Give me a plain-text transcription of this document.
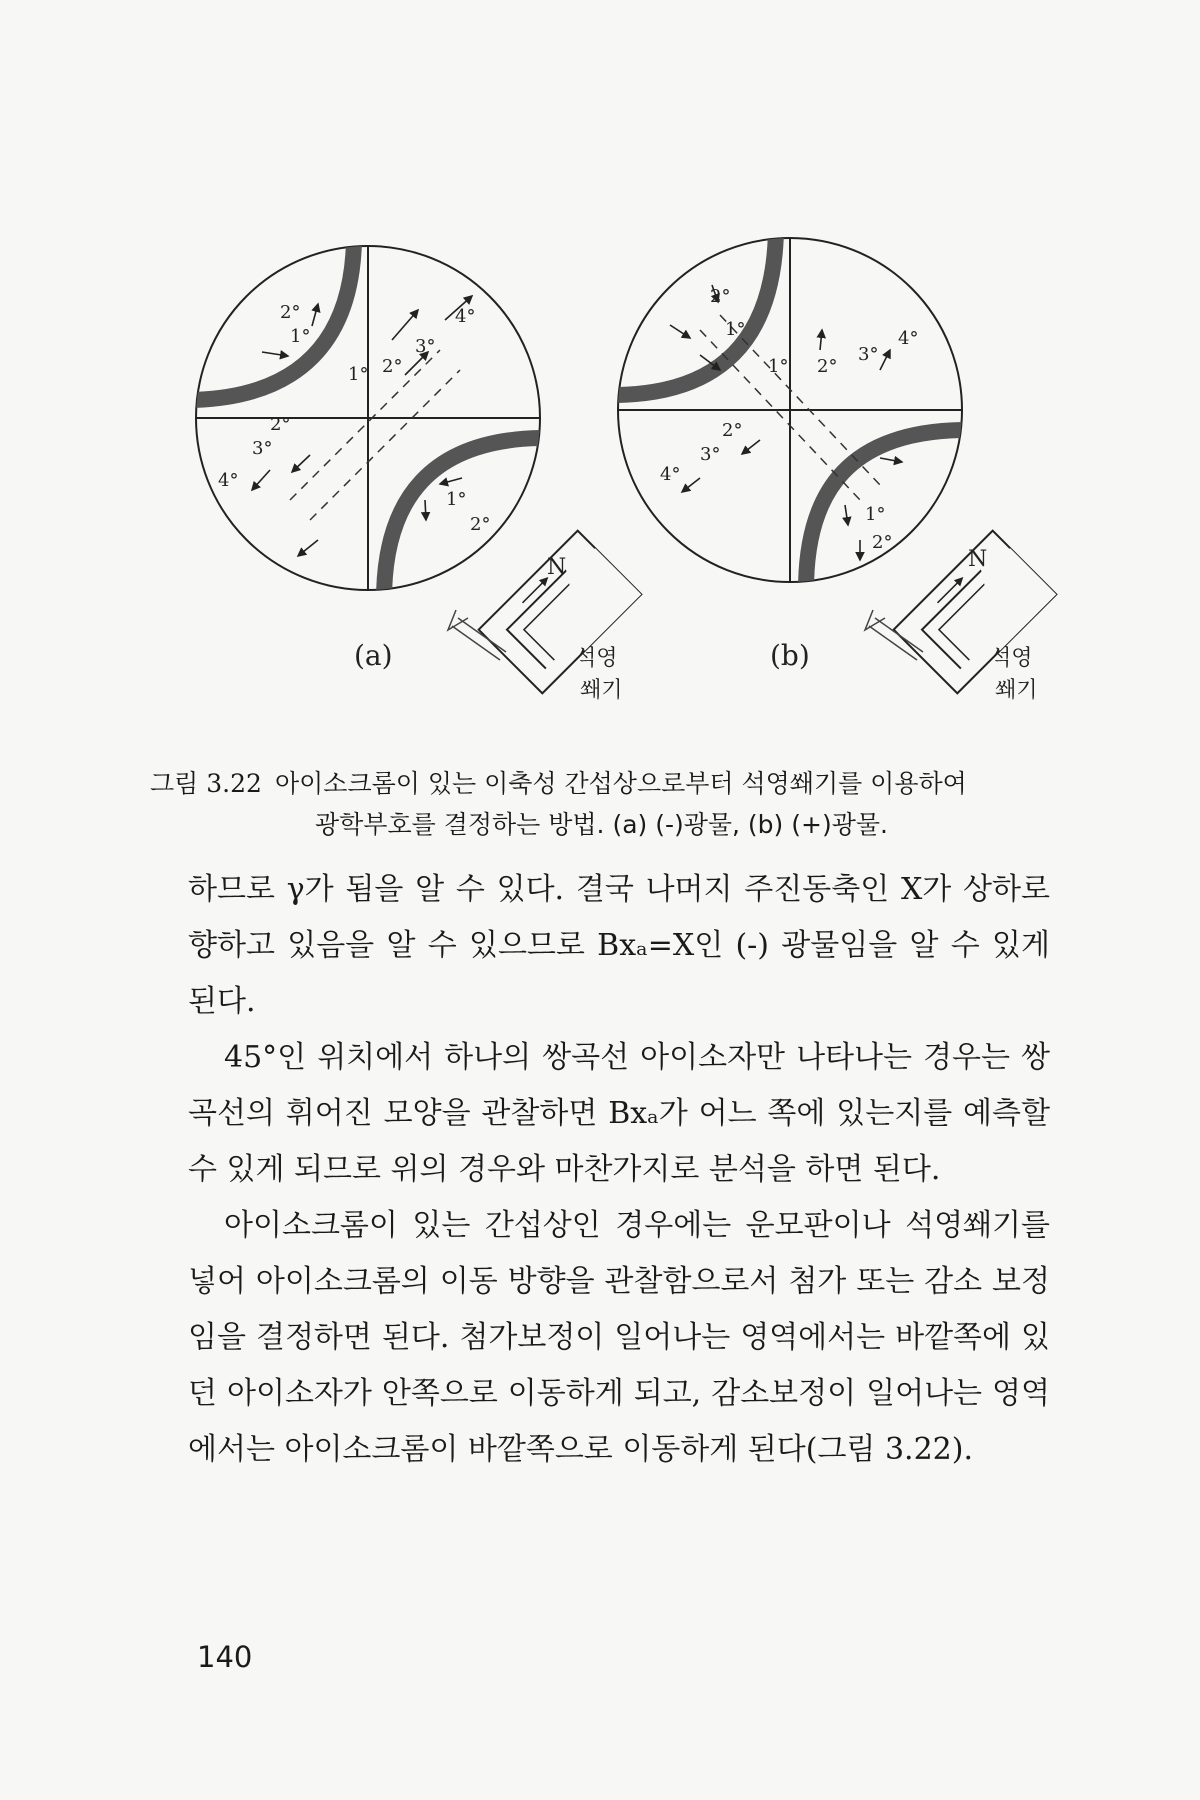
2°
1°
1° 2°
3°
4°
2°
3°
4°
1°
2°
N
(a)	석영
쐐기
2°
1°
1° 2°
3°
4°
2°
3°
4°
1°
2°
N
(b)	석영
쐐기
그림 3.22 아이소크롬이 있는 이축성 간섭상으로부터 석영쐐기를 이용하여
광학부호를 결정하는 방법. (a) (-)광물, (b) (+)광물.

하므로 γ가 됨을 알 수 있다. 결국 나머지 주진동축인 X가 상하로 향하고 있음을 알 수 있으므로 Bxₐ=X인 (-) 광물임을 알 수 있게 된다.

45°인 위치에서 하나의 쌍곡선 아이소자만 나타나는 경우는 쌍곡선의 휘어진 모양을 관찰하면 Bxₐ가 어느 쪽에 있는지를 예측할 수 있게 되므로 위의 경우와 마찬가지로 분석을 하면 된다.

아이소크롬이 있는 간섭상인 경우에는 운모판이나 석영쐐기를 넣어 아이소크롬의 이동 방향을 관찰함으로서 첨가 또는 감소 보정임을 결정하면 된다. 첨가보정이 일어나는 영역에서는 바깥쪽에 있던 아이소자가 안쪽으로 이동하게 되고, 감소보정이 일어나는 영역에서는 아이소크롬이 바깥쪽으로 이동하게 된다(그림 3.22).

140
